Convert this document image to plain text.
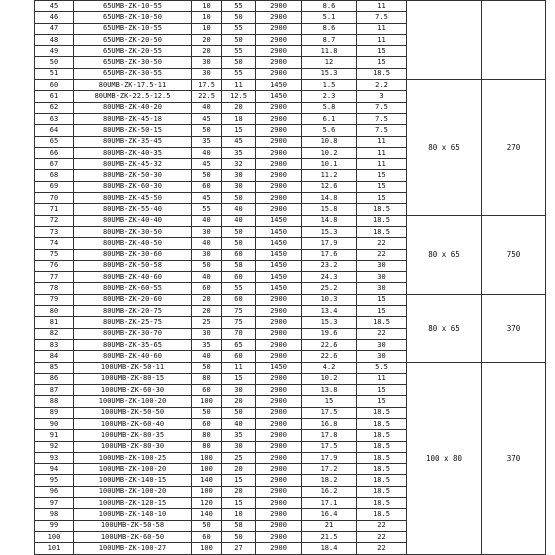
45	65UMB-ZK-10-55	10	55	2900	8.6	11		
46	65UMB-ZK-10-50	10	50	2900	5.1	7.5		
47	65UMB-ZK-10-55	10	55	2900	8.6	11		
48	65UMB-ZK-20-50	20	50	2900	8.7	11		
49	65UMB-ZK-20-55	20	55	2900	11.8	15		
50	65UMB-ZK-30-50	30	50	2900	12	15		
51	65UMB-ZK-30-55	30	55	2900	15.3	18.5		
60	80UMB-ZK-17.5-11	17.5	11	1450	1.5	2.2	80 x 65	270
61	80UMB-ZK-22.5-12.5	22.5	12.5	1450	2.3	3		
62	80UMB-ZK-40-20	40	20	2900	5.8	7.5		
63	80UMB-ZK-45-18	45	18	2900	6.1	7.5		
64	80UMB-ZK-50-15	50	15	2900	5.6	7.5		
65	80UMB-ZK-35-45	35	45	2900	10.8	11		
66	80UMB-ZK-40-35	40	35	2900	10.2	11		
67	80UMB-ZK-45-32	45	32	2900	10.1	11		
68	80UMB-ZK-50-30	50	30	2900	11.2	15		
69	80UMB-ZK-60-30	60	30	2900	12.6	15		
70	80UMB-ZK-45-50	45	50	2900	14.8	15		
71	80UMB-ZK-55-40	55	40	2900	15.8	18.5		
72	80UMB-ZK-40-40	40	40	1450	14.8	18.5	80 x 65	750
73	80UMB-ZK-30-50	30	50	1450	15.3	18.5		
74	80UMB-ZK-40-50	40	50	1450	17.9	22		
75	80UMB-ZK-30-60	30	60	1450	17.6	22		
76	80UMB-ZK-50-58	50	58	1450	23.2	30		
77	80UMB-ZK-40-60	40	60	1450	24.3	30		
78	80UMB-ZK-60-55	60	55	1450	25.2	30		
79	80UMB-ZK-20-60	20	60	2900	10.3	15	80 x 65	370
80	80UMB-ZK-20-75	20	75	2900	13.4	15		
81	80UMB-ZK-25-75	25	75	2900	15.3	18.5		
82	80UMB-ZK-30-70	30	70	2900	19.6	22		
83	80UMB-ZK-35-65	35	65	2900	22.6	30		
84	80UMB-ZK-40-60	40	60	2900	22.6	30		
85	100UMB-ZK-50-11	50	11	1450	4.2	5.5	100 x 80	370
86	100UMB-ZK-80-15	80	15	2900	10.2	11		
87	100UMB-ZK-60-30	60	30	2900	13.8	15		
88	100UMB-ZK-100-20	100	20	2900	15	15		
89	100UMB-ZK-50-50	50	50	2900	17.5	18.5		
90	100UMB-ZK-60-40	60	40	2900	16.8	18.5		
91	100UMB-ZK-80-35	80	35	2900	17.8	18.5		
92	100UMB-ZK-80-30	80	30	2900	17.5	18.5		
93	100UMB-ZK-100-25	100	25	2900	17.9	18.5		
94	100UMB-ZK-100-20	100	20	2900	17.2	18.5		
95	100UMB-ZK-140-15	140	15	2900	18.2	18.5		
96	100UMB-ZK-100-20	100	20	2900	16.2	18.5		
97	100UMB-ZK-120-15	120	15	2900	17.1	18.5		
98	100UMB-ZK-140-10	140	10	2900	16.4	18.5		
99	100UMB-ZK-50-58	50	58	2900	21	22		
100	100UMB-ZK-60-50	60	50	2900	21.5	22		
101	100UMB-ZK-100-27	100	27	2900	18.4	22		
